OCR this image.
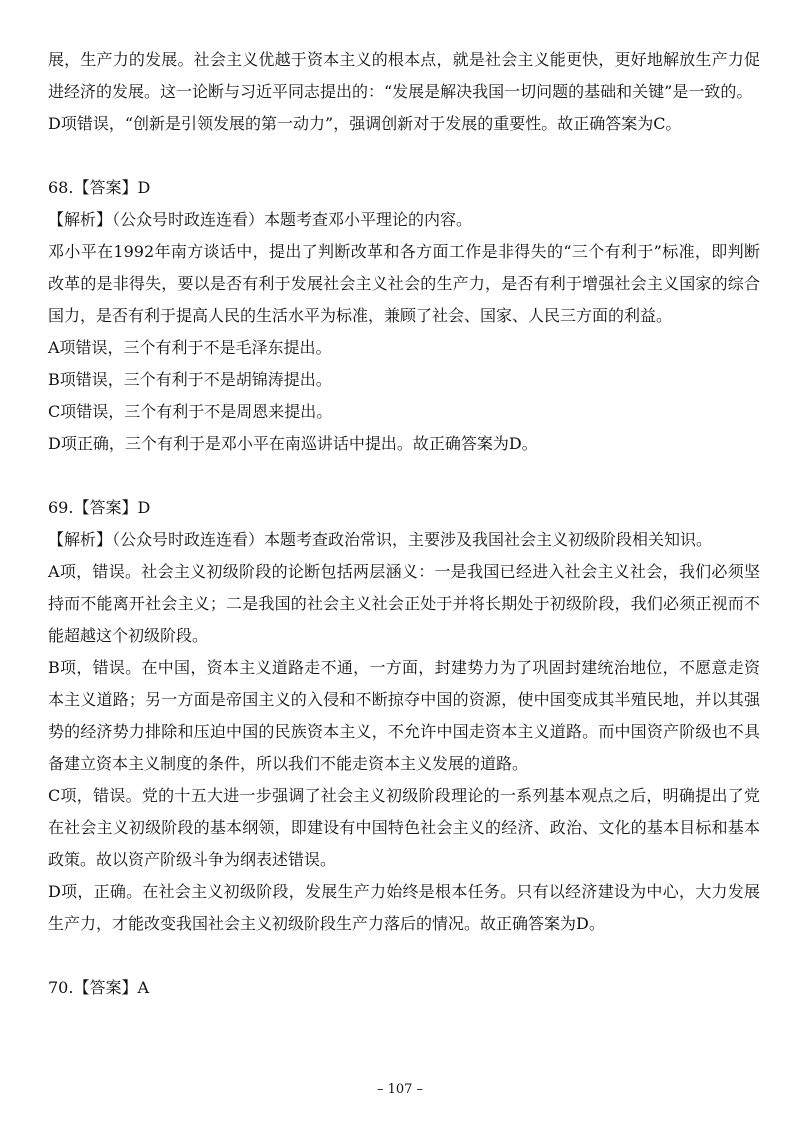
展，生产力的发展。社会主义优越于资本主义的根本点，就是社会主义能更快，更好地解放生产力促进经济的发展。这一论断与习近平同志提出的：“发展是解决我国一切问题的基础和关键”是一致的。

D项错误，“创新是引领发展的第一动力”，强调创新对于发展的重要性。故正确答案为C。

68.【答案】D

【解析】（公众号时政连连看）本题考查邓小平理论的内容。

邓小平在1992年南方谈话中，提出了判断改革和各方面工作是非得失的“三个有利于”标准，即判断改革的是非得失，要以是否有利于发展社会主义社会的生产力，是否有利于增强社会主义国家的综合国力，是否有利于提高人民的生活水平为标准，兼顾了社会、国家、人民三方面的利益。

A项错误，三个有利于不是毛泽东提出。

B项错误，三个有利于不是胡锦涛提出。

C项错误，三个有利于不是周恩来提出。

D项正确，三个有利于是邓小平在南巡讲话中提出。故正确答案为D。

69.【答案】D

【解析】（公众号时政连连看）本题考查政治常识，主要涉及我国社会主义初级阶段相关知识。

A项，错误。社会主义初级阶段的论断包括两层涵义：一是我国已经进入社会主义社会，我们必须坚持而不能离开社会主义；二是我国的社会主义社会正处于并将长期处于初级阶段，我们必须正视而不能超越这个初级阶段。

B项，错误。在中国，资本主义道路走不通，一方面，封建势力为了巩固封建统治地位，不愿意走资本主义道路；另一方面是帝国主义的入侵和不断掠夺中国的资源，使中国变成其半殖民地，并以其强势的经济势力排除和压迫中国的民族资本主义，不允许中国走资本主义道路。而中国资产阶级也不具备建立资本主义制度的条件，所以我们不能走资本主义发展的道路。

C项，错误。党的十五大进一步强调了社会主义初级阶段理论的一系列基本观点之后，明确提出了党在社会主义初级阶段的基本纲领，即建设有中国特色社会主义的经济、政治、文化的基本目标和基本政策。故以资产阶级斗争为纲表述错误。

D项，正确。在社会主义初级阶段，发展生产力始终是根本任务。只有以经济建设为中心，大力发展生产力，才能改变我国社会主义初级阶段生产力落后的情况。故正确答案为D。

70.【答案】A

– 107 –
